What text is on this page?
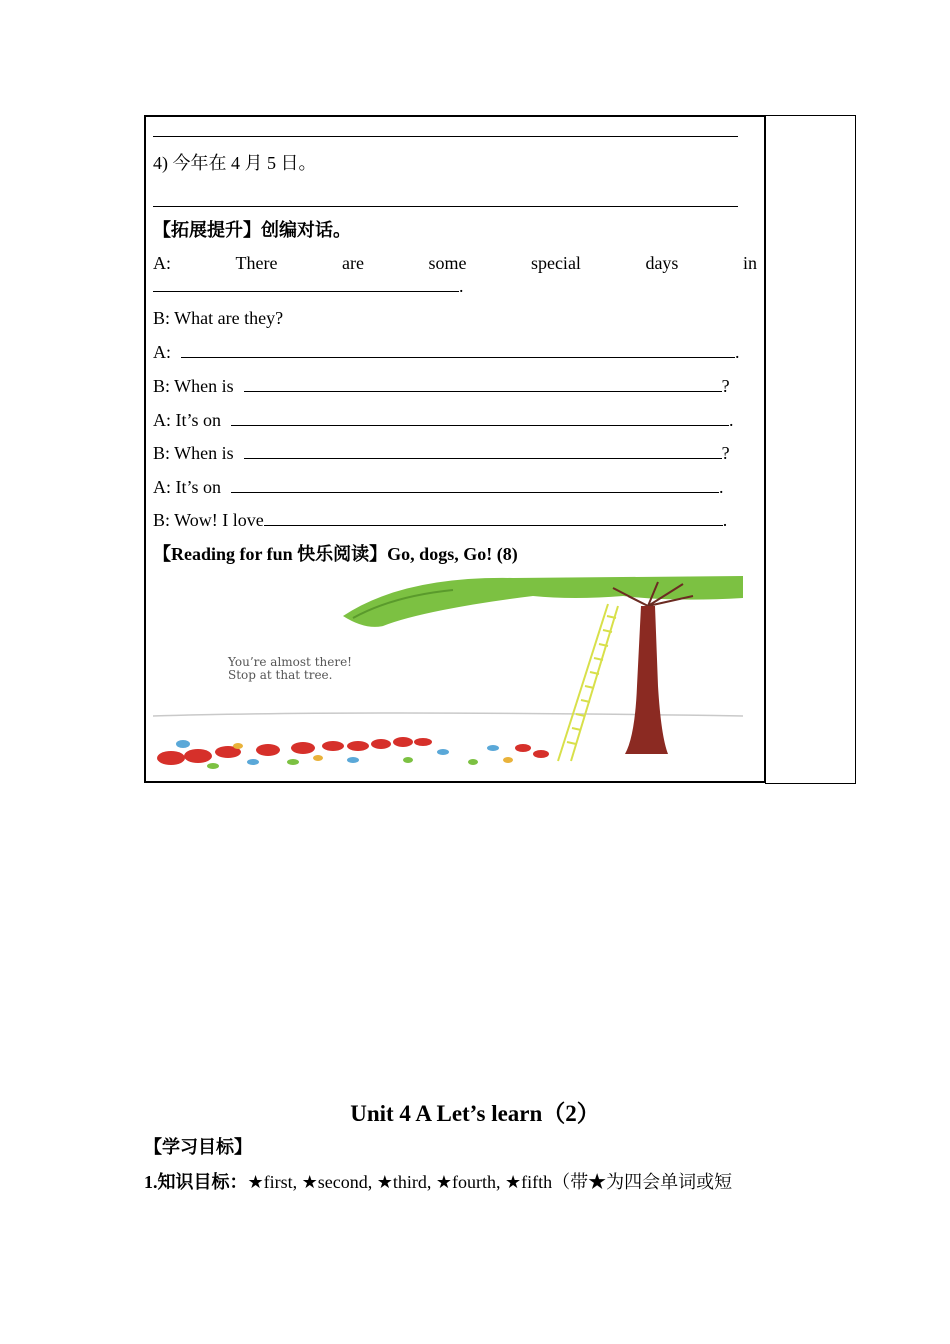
4) 今年在 4 月 5 日。
【拓展提升】创编对话。
A:	There	are	some	special	days	in
.
B: What are they?
A:	.
B: When is	?
A: It’s on	.
B: When is	?
A: It’s on	.
B: Wow! I love	.
【Reading for fun 快乐阅读】Go, dogs, Go! (8)
You’re almost there!
Stop at that tree.
Unit 4 A Let’s learn（2）
【学习目标】
1.知识目标：★first, ★second, ★third, ★fourth, ★fifth（带★为四会单词或短
